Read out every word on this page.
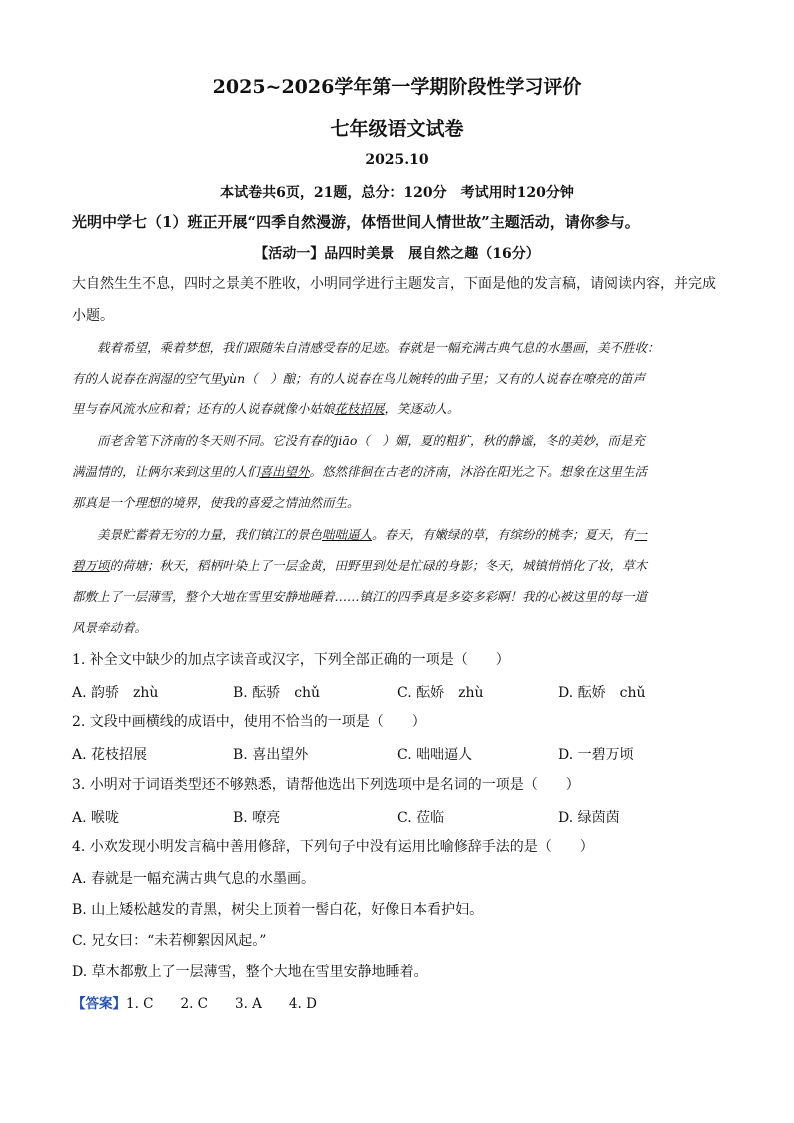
2025~2026学年第一学期阶段性学习评价
七年级语文试卷
2025.10
本试卷共6页，21题，总分：120分　考试用时120分钟
光明中学七（1）班正开展“四季自然漫游，体悟世间人情世故”主题活动，请你参与。
【活动一】品四时美景　展自然之趣（16分）
大自然生生不息，四时之景美不胜收，小明同学进行主题发言，下面是他的发言稿，请阅读内容，并完成
小题。
　　载着希望，乘着梦想，我们跟随朱自清感受春的足迹。春就是一幅充满古典气息的水墨画，美不胜收：
有的人说春在润湿的空气里yùn（　）酿；有的人说春在鸟儿婉转的曲子里；又有的人说春在嘹亮的笛声
里与春风流水应和着；还有的人说春就像小姑娘花枝招展，笑逐动人。
　　而老舍笔下济南的冬天则不同。它没有春的jiāo（　）媚，夏的粗犷，秋的静谧，冬的美妙，而是充
满温情的，让俩尔来到这里的人们喜出望外。悠然徘徊在古老的济南，沐浴在阳光之下。想象在这里生活
那真是一个理想的境界，使我的喜爱之情油然而生。
　　美景贮蓄着无穷的力量，我们镇江的景色咄咄逼人。春天，有嫩绿的草，有缤纷的桃李；夏天，有一
碧万顷的荷塘；秋天，稻柄叶染上了一层金黄，田野里到处是忙碌的身影；冬天，城镇悄悄化了妆，草木
都敷上了一层薄雪，整个大地在雪里安静地睡着……镇江的四季真是多姿多彩啊！我的心被这里的每一道
风景牵动着。
1. 补全文中缺少的加点字读音或汉字，下列全部正确的一项是（　　）
A. 韵骄　zhù	B. 酝骄　chǔ	C. 酝娇　zhù	D. 酝娇　chǔ
2. 文段中画横线的成语中，使用不恰当的一项是（　　）
A. 花枝招展	B. 喜出望外	C. 咄咄逼人	D. 一碧万顷
3. 小明对于词语类型还不够熟悉，请帮他选出下列选项中是名词的一项是（　　）
A. 喉咙	B. 嘹亮	C. 莅临	D. 绿茵茵
4. 小欢发现小明发言稿中善用修辞，下列句子中没有运用比喻修辞手法的是（　　）
A. 春就是一幅充满古典气息的水墨画。
B. 山上矮松越发的青黑，树尖上顶着一髻白花，好像日本看护妇。
C. 兄女曰：“未若柳絮因风起。”
D. 草木都敷上了一层薄雪，整个大地在雪里安静地睡着。
【答案】1. C　　2. C　　3. A　　4. D
